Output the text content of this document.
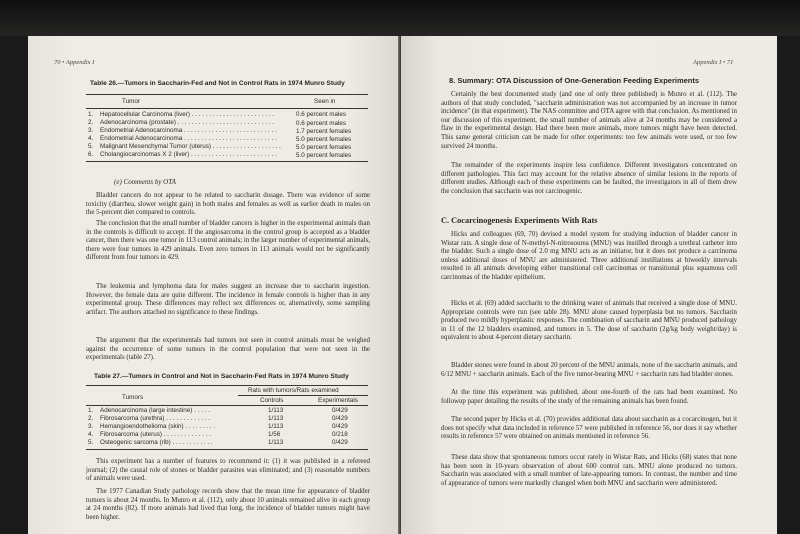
70 • Appendix I
Table 26.—Tumors in Saccharin-Fed and Not in Control Rats in 1974 Munro Study
Tumor	Seen in
1. Hepatocellular Carcinoma (liver) . . . . . . . . . . . . . . . . . . . . . . . .	0.6 percent males
2. Adenocarcinoma (prostate) . . . . . . . . . . . . . . . . . . . . . . . . . . . .	0.6 percent males
3. Endometrial Adenocarcinoma . . . . . . . . . . . . . . . . . . . . . . . . . . .	1.7 percent females
4. Endometrial Adenocarcinoma . . . . . . . . . . . . . . . . . . . . . . . . . . .	5.0 percent females
5. Malignant Mesenchymal Tumor (uterus) . . . . . . . . . . . . . . . . . . . . 5.0 percent females
6. Cholangiocarcinomas X 2 (liver) . . . . . . . . . . . . . . . . . . . . . . . . .	5.0 percent females
(e) Comments by OTA
Bladder cancers do not appear to be related to saccharin dosage. There was evidence of some toxicity (diarrhea, slower weight gain) in both males and females as well as earlier death in males on the 5-percent diet compared to controls.
The conclusion that the small number of bladder cancers is higher in the experimental animals than in the controls is difficult to accept. If the angiosarcoma in the control group is accepted as a bladder cancer, then there was one tumor in 113 control animals; in the larger number of experimental animals, there were four tumors in 429 animals. Even zero tumors in 113 animals would not be significantly different from four tumors in 429.
The leukemia and lymphoma data for males suggest an increase due to saccharin ingestion. However, the female data are quite different. The incidence in female controls is higher than in any experimental group. These differences may reflect sex differences or, alternatively, some sampling artifact. The authors attached no significance to these findings.
The argument that the experimentals had tumors not seen in control animals must be weighed against the occurrence of some tumors in the control population that were not seen in the experimentals (table 27).
Table 27.—Tumors in Control and Not in Saccharin-Fed Rats in 1974 Munro Study
Tumors
Rats with tumors/Rats examined
Controls	Experimentals
1. Adenocarcinoma (large intestine) . . . . .	1/113	0/429
2. Fibrosarcoma (urethra) . . . . . . . . . . . . .	1/113	0/429
3. Hemangioendothelioma (skin) . . . . . . . . .	1/113	0/429
4. Fibrosarcoma (uterus) . . . . . . . . . . . . . .	1/56	0/218
5. Osteogenic sarcoma (rib) . . . . . . . . . . . .	1/113	0/429
This experiment has a number of features to recommend it: (1) it was published in a refereed journal; (2) the causal role of stones or bladder parasites was eliminated; and (3) reasonable numbers of animals were used.
The 1977 Canadian Study pathology records show that the mean time for appearance of bladder tumors is about 24 months. In Munro et al. (112), only about 10 animals remained alive in each group at 24 months (82). If more animals had lived that long, the incidence of bladder tumors might have been higher.
Appendix I • 71
8. Summary: OTA Discussion of One-Generation Feeding Experiments
Certainly the best documented study (and one of only three published) is Munro et al. (112). The authors of that study concluded, "saccharin administration was not accompanied by an increase in tumor incidence" (in that experiment). The NAS committee and OTA agree with that conclusion. As mentioned in our discussion of this experiment, the small number of animals alive at 24 months may be considered a flaw in the experimental design. Had there been more animals, more tumors might have been detected. This same general criticism can be made for other experiments: too few animals were used, or too few survived 24 months.
The remainder of the experiments inspire less confidence. Different investigators concentrated on different pathologies. This fact may account for the relative absence of similar lesions in the reports of different studies. Although each of these experiments can be faulted, the investigators in all of them drew the conclusion that saccharin was not carcinogenic.
C. Cocarcinogenesis Experiments With Rats
Hicks and colleagues (69, 70) devised a model system for studying induction of bladder cancer in Wistar rats. A single dose of N-methyl-N-nitrosourea (MNU) was instilled through a urethral catheter into the bladder. Such a single dose of 2.0 mg MNU acts as an initiator, but it does not produce a carcinoma unless additional doses of MNU are administered. Three additional instillations at biweekly intervals resulted in all animals developing either transitional cell carcinomas or transitional plus squamous cell carcinomas of the bladder epithelium.
Hicks et al. (69) added saccharin to the drinking water of animals that received a single dose of MNU. Appropriate controls were run (see table 28). MNU alone caused hyperplasia but no tumors. Saccharin produced two mildly hyperplastic responses. The combination of saccharin and MNU produced pathology in 11 of the 12 bladders examined, and tumors in 5. The dose of saccharin (2g/kg body weight/day) is equivalent to about 4-percent dietary saccharin.
Bladder stones were found in about 20 percent of the MNU animals, none of the saccharin animals, and 6/12 MNU + saccharin animals. Each of the five tumor-bearing MNU + saccharin rats had bladder stones.
At the time this experiment was published, about one-fourth of the rats had been examined. No followup paper detailing the results of the study of the remaining animals has been found.
The second paper by Hicks et al. (70) provides additional data about saccharin as a cocarcinogen, but it does not specify what data included in reference 57 were published in reference 56, nor does it say whether results in reference 57 were obtained on animals mentioned in reference 56.
These data show that spontaneous tumors occur rarely in Wistar Rats, and Hicks (68) states that none has been seen in 10-years observation of about 600 control rats. MNU alone produced no tumors. Saccharin was associated with a small number of late-appearing tumors. In contrast, the number and time of appearance of tumors were markedly changed when both MNU and saccharin were administered.
